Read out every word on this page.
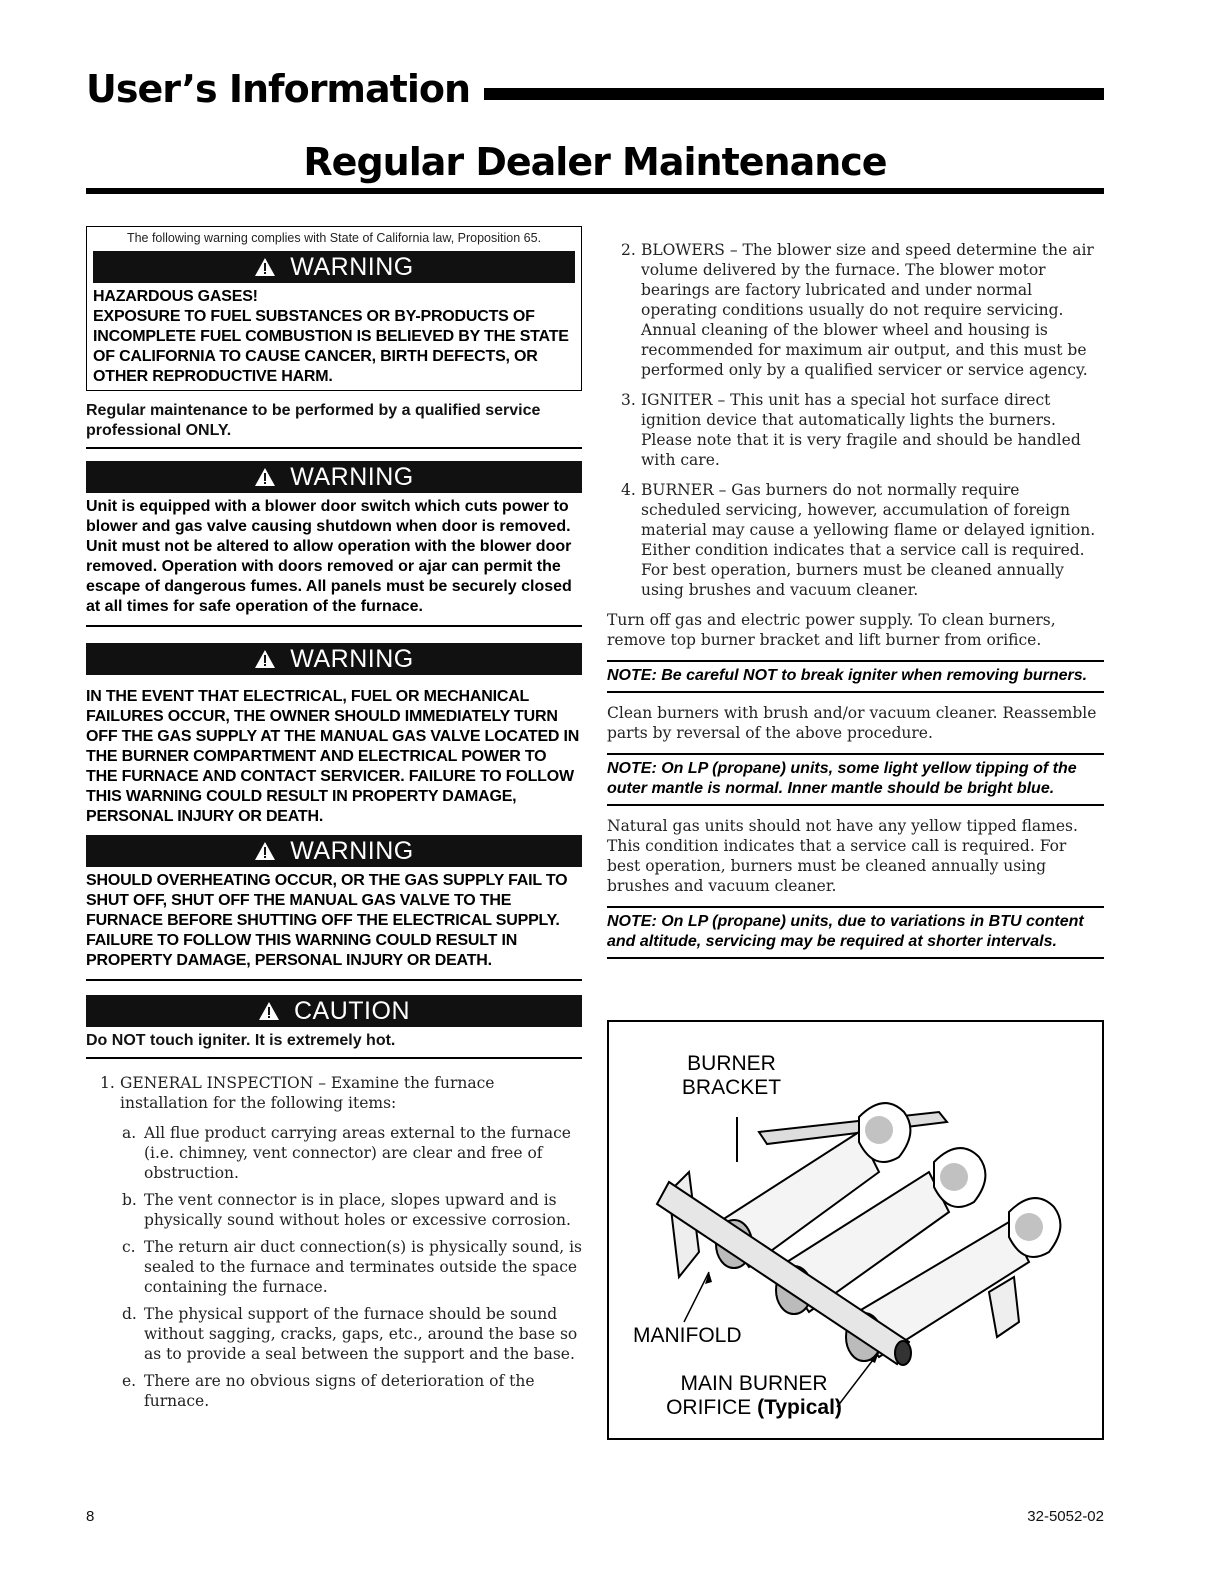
User’s Information
Regular Dealer Maintenance
The following warning complies with State of California law, Proposition 65.
WARNING
HAZARDOUS GASES!
EXPOSURE TO FUEL SUBSTANCES OR BY-PRODUCTS OF INCOMPLETE FUEL COMBUSTION IS BELIEVED BY THE STATE OF CALIFORNIA TO CAUSE CANCER, BIRTH DEFECTS, OR OTHER REPRODUCTIVE HARM.
Regular maintenance to be performed by a qualified service professional ONLY.
WARNING
Unit is equipped with a blower door switch which cuts power to blower and gas valve causing shutdown when door is removed. Unit must not be altered to allow operation with the blower door removed. Operation with doors removed or ajar can permit the escape of dangerous fumes. All panels must be securely closed at all times for safe operation of the furnace.
WARNING
IN THE EVENT THAT ELECTRICAL, FUEL OR MECHANICAL FAILURES OCCUR, THE OWNER SHOULD IMMEDIATELY TURN OFF THE GAS SUPPLY AT THE MANUAL GAS VALVE LOCATED IN THE BURNER COMPARTMENT AND ELECTRICAL POWER TO THE FURNACE AND CONTACT SERVICER. FAILURE TO FOLLOW THIS WARNING COULD RESULT IN PROPERTY DAMAGE, PERSONAL INJURY OR DEATH.
WARNING
SHOULD OVERHEATING OCCUR, OR THE GAS SUPPLY FAIL TO SHUT OFF, SHUT OFF THE MANUAL GAS VALVE TO THE FURNACE BEFORE SHUTTING OFF THE ELECTRICAL SUPPLY.
FAILURE TO FOLLOW THIS WARNING COULD RESULT IN PROPERTY DAMAGE, PERSONAL INJURY OR DEATH.
CAUTION
Do NOT touch igniter. It is extremely hot.
1. GENERAL INSPECTION – Examine the furnace installation for the following items:
a. All flue product carrying areas external to the furnace (i.e. chimney, vent connector) are clear and free of obstruction.
b. The vent connector is in place, slopes upward and is physically sound without holes or excessive corrosion.
c. The return air duct connection(s) is physically sound, is sealed to the furnace and terminates outside the space containing the furnace.
d. The physical support of the furnace should be sound without sagging, cracks, gaps, etc., around the base so as to provide a seal between the support and the base.
e. There are no obvious signs of deterioration of the furnace.
2. BLOWERS – The blower size and speed determine the air volume delivered by the furnace. The blower motor bearings are factory lubricated and under normal operating conditions usually do not require servicing. Annual cleaning of the blower wheel and housing is recommended for maximum air output, and this must be performed only by a qualified servicer or service agency.
3. IGNITER – This unit has a special hot surface direct ignition device that automatically lights the burners. Please note that it is very fragile and should be handled with care.
4. BURNER – Gas burners do not normally require scheduled servicing, however, accumulation of foreign material may cause a yellowing flame or delayed ignition. Either condition indicates that a service call is required. For best operation, burners must be cleaned annually using brushes and vacuum cleaner.

Turn off gas and electric power supply. To clean burners, remove top burner bracket and lift burner from orifice.

NOTE: Be careful NOT to break igniter when removing burners.

Clean burners with brush and/or vacuum cleaner. Reassemble parts by reversal of the above procedure.

NOTE: On LP (propane) units, some light yellow tipping of the outer mantle is normal. Inner mantle should be bright blue.

Natural gas units should not have any yellow tipped flames. This condition indicates that a service call is required. For best operation, burners must be cleaned annually using brushes and vacuum cleaner.

NOTE: On LP (propane) units, due to variations in BTU content and altitude, servicing may be required at shorter intervals.
BURNER
BRACKET
MANIFOLD
MAIN BURNER
ORIFICE (Typical)
8	32-5052-02
